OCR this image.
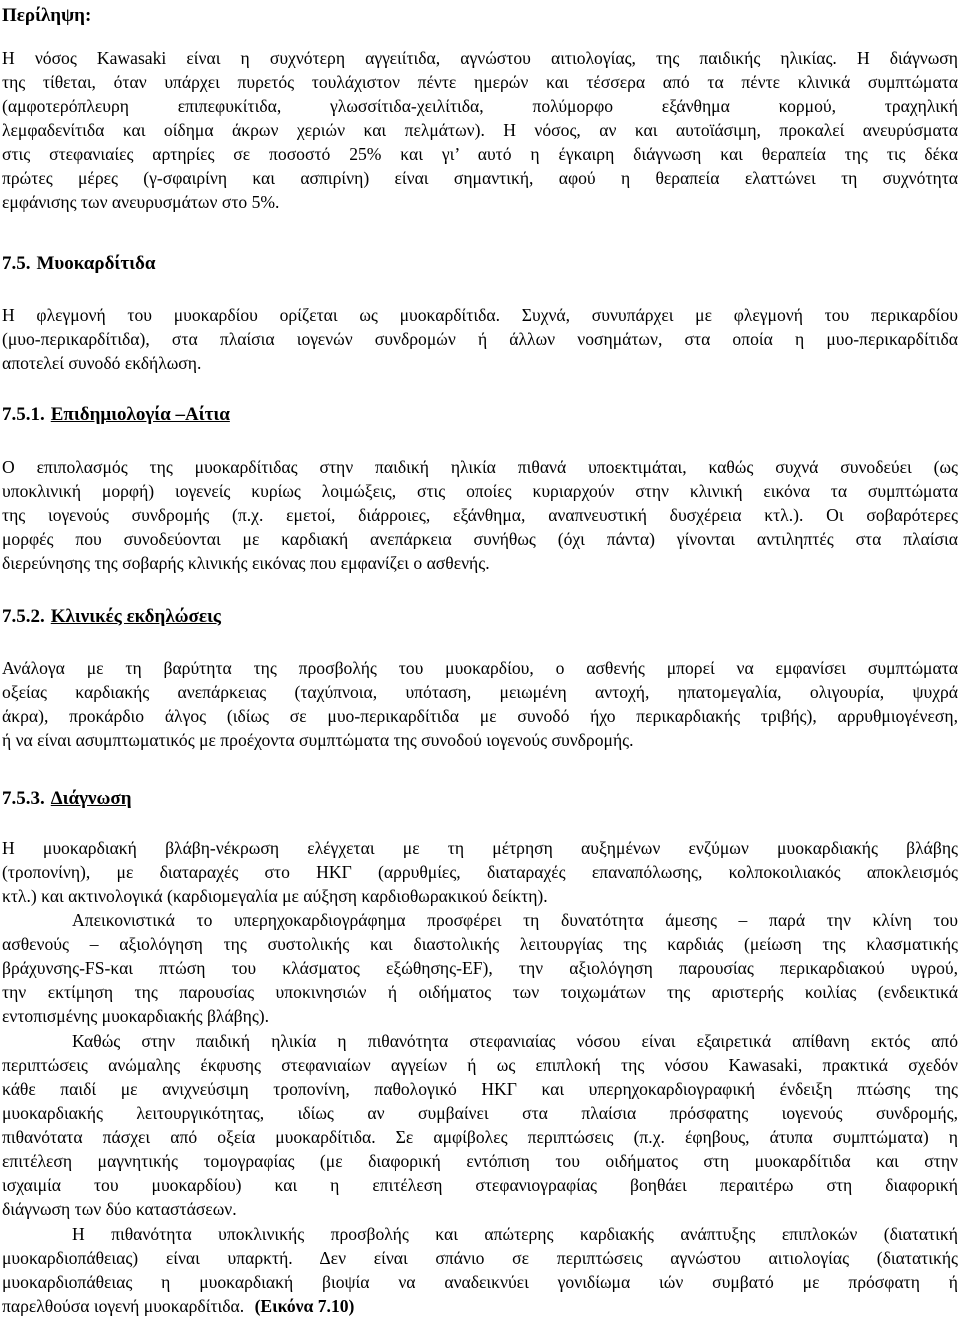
Περίληψη:
Η νόσος Kawasaki είναι η συχνότερη αγγειίτιδα, αγνώστου αιτιολογίας, της παιδικής ηλικίας. Η διάγνωση
της τίθεται, όταν υπάρχει πυρετός τουλάχιστον πέντε ημερών και τέσσερα από τα πέντε κλινικά συμπτώματα
(αμφοτερόπλευρη επιπεφυκίτιδα, γλωσσίτιδα-χειλίτιδα, πολύμορφο εξάνθημα κορμού, τραχηλική
λεμφαδενίτιδα και οίδημα άκρων χεριών και πελμάτων). Η νόσος, αν και αυτοϊάσιμη, προκαλεί ανευρύσματα
στις στεφανιαίες αρτηρίες σε ποσοστό 25% και γι’ αυτό η έγκαιρη διάγνωση και θεραπεία της τις δέκα
πρώτες μέρες (γ-σφαιρίνη και ασπιρίνη) είναι σημαντική, αφού η θεραπεία ελαττώνει τη συχνότητα
εμφάνισης των ανευρυσμάτων στο 5%.
7.5. Μυοκαρδίτιδα
Η φλεγμονή του μυοκαρδίου ορίζεται ως μυοκαρδίτιδα. Συχνά, συνυπάρχει με φλεγμονή του περικαρδίου
(μυο-περικαρδίτιδα), στα πλαίσια ιογενών συνδρομών ή άλλων νοσημάτων, στα οποία η μυο-περικαρδίτιδα
αποτελεί συνοδό εκδήλωση.
7.5.1. Επιδημιολογία –Αίτια
Ο επιπολασμός της μυοκαρδίτιδας στην παιδική ηλικία πιθανά υποεκτιμάται, καθώς συχνά συνοδεύει (ως
υποκλινική μορφή) ιογενείς κυρίως λοιμώξεις, στις οποίες κυριαρχούν στην κλινική εικόνα τα συμπτώματα
της ιογενούς συνδρομής (π.χ. εμετοί, διάρροιες, εξάνθημα, αναπνευστική δυσχέρεια κτλ.). Οι σοβαρότερες
μορφές που συνοδεύονται με καρδιακή ανεπάρκεια συνήθως (όχι πάντα) γίνονται αντιληπτές στα πλαίσια
διερεύνησης της σοβαρής κλινικής εικόνας που εμφανίζει ο ασθενής.
7.5.2. Κλινικές εκδηλώσεις
Ανάλογα με τη βαρύτητα της προσβολής του μυοκαρδίου, ο ασθενής μπορεί να εμφανίσει συμπτώματα
οξείας καρδιακής ανεπάρκειας (ταχύπνοια, υπόταση, μειωμένη αντοχή, ηπατομεγαλία, ολιγουρία, ψυχρά
άκρα), προκάρδιο άλγος (ιδίως σε μυο-περικαρδίτιδα με συνοδό ήχο περικαρδιακής τριβής), αρρυθμιογένεση,
ή να είναι ασυμπτωματικός με προέχοντα συμπτώματα της συνοδού ιογενούς συνδρομής.
7.5.3. Διάγνωση
Η μυοκαρδιακή βλάβη-νέκρωση ελέγχεται με τη μέτρηση αυξημένων ενζύμων μυοκαρδιακής βλάβης
(τροπονίνη), με διαταραχές στο ΗΚΓ (αρρυθμίες, διαταραχές επαναπόλωσης, κολποκοιλιακός αποκλεισμός
κτλ.) και ακτινολογικά (καρδιομεγαλία με αύξηση καρδιοθωρακικού δείκτη).
Απεικονιστικά το υπερηχοκαρδιογράφημα προσφέρει τη δυνατότητα άμεσης – παρά την κλίνη του
ασθενούς – αξιολόγηση της συστολικής και διαστολικής λειτουργίας της καρδιάς (μείωση της κλασματικής
βράχυνσης-FS-και πτώση του κλάσματος εξώθησης-EF), την αξιολόγηση παρουσίας περικαρδιακού υγρού,
την εκτίμηση της παρουσίας υποκινησιών ή οιδήματος των τοιχωμάτων της αριστερής κοιλίας (ενδεικτικά
εντοπισμένης μυοκαρδιακής βλάβης).
Καθώς στην παιδική ηλικία η πιθανότητα στεφανιαίας νόσου είναι εξαιρετικά απίθανη εκτός από
περιπτώσεις ανώμαλης έκφυσης στεφανιαίων αγγείων ή ως επιπλοκή της νόσου Kawasaki, πρακτικά σχεδόν
κάθε παιδί με ανιχνεύσιμη τροπονίνη, παθολογικό ΗΚΓ και υπερηχοκαρδιογραφική ένδειξη πτώσης της
μυοκαρδιακής λειτουργικότητας, ιδίως αν συμβαίνει στα πλαίσια πρόσφατης ιογενούς συνδρομής,
πιθανότατα πάσχει από οξεία μυοκαρδίτιδα. Σε αμφίβολες περιπτώσεις (π.χ. έφηβους, άτυπα συμπτώματα) η
επιτέλεση μαγνητικής τομογραφίας (με διαφορική εντόπιση του οιδήματος στη μυοκαρδίτιδα και στην
ισχαιμία του μυοκαρδίου) και η επιτέλεση στεφανιογραφίας βοηθάει περαιτέρω στη διαφορική
διάγνωση των δύο καταστάσεων.
Η πιθανότητα υποκλινικής προσβολής και απώτερης καρδιακής ανάπτυξης επιπλοκών (διατατική
μυοκαρδιοπάθειας) είναι υπαρκτή. Δεν είναι σπάνιο σε περιπτώσεις αγνώστου αιτιολογίας (διατατικής
μυοκαρδιοπάθειας η μυοκαρδιακή βιοψία να αναδεικνύει γονιδίωμα ιών συμβατό με πρόσφατη ή
παρελθούσα ιογενή μυοκαρδίτιδα. (Εικόνα 7.10)
